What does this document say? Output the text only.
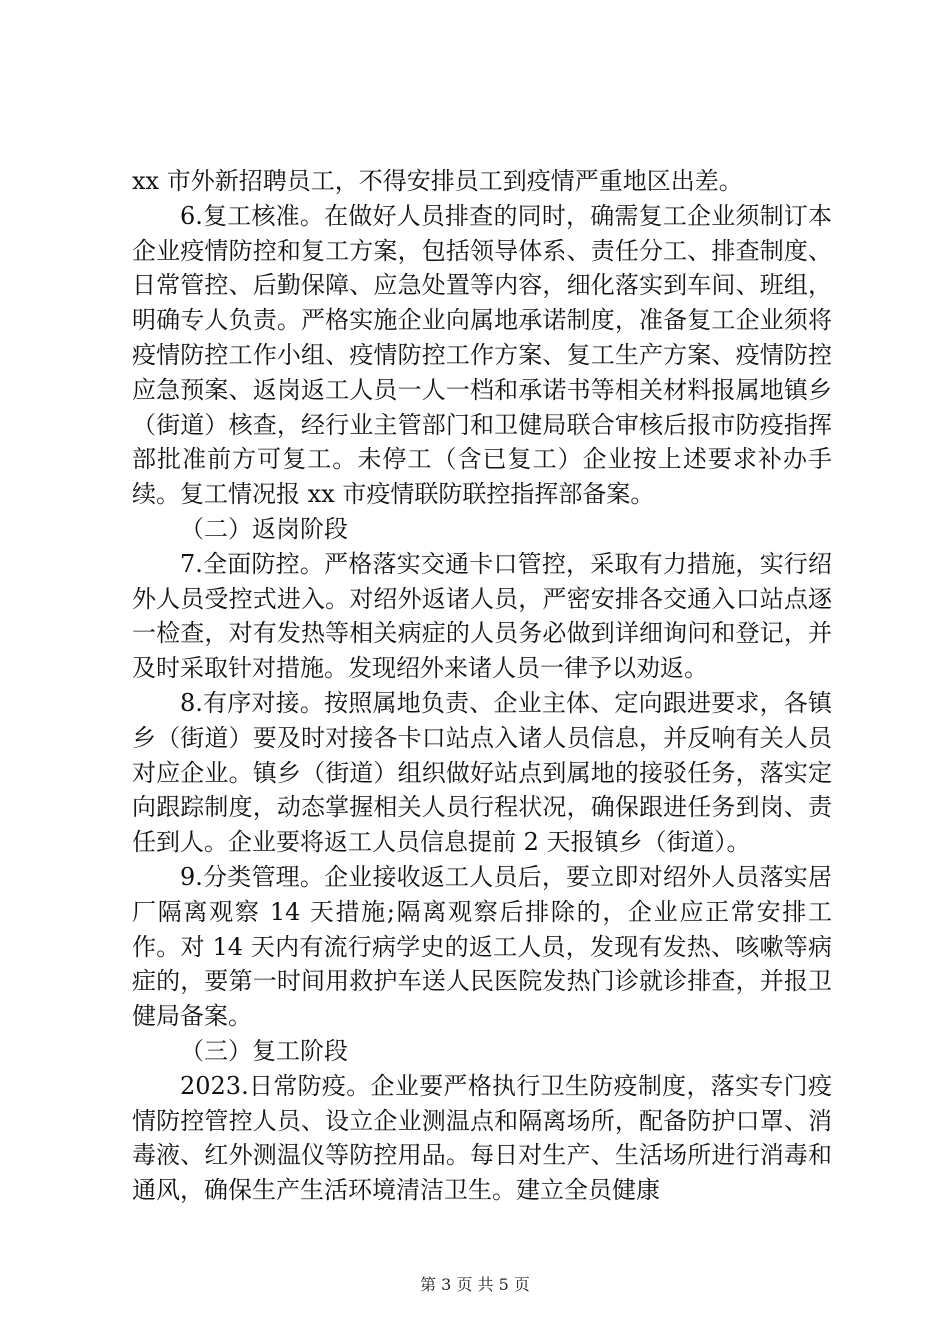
xx 市外新招聘员工，不得安排员工到疫情严重地区出差。

6.复工核准。在做好人员排查的同时，确需复工企业须制订本企业疫情防控和复工方案，包括领导体系、责任分工、排查制度、日常管控、后勤保障、应急处置等内容，细化落实到车间、班组，明确专人负责。严格实施企业向属地承诺制度，准备复工企业须将疫情防控工作小组、疫情防控工作方案、复工生产方案、疫情防控应急预案、返岗返工人员一人一档和承诺书等相关材料报属地镇乡（街道）核查，经行业主管部门和卫健局联合审核后报市防疫指挥部批准前方可复工。未停工（含已复工）企业按上述要求补办手续。复工情况报 xx 市疫情联防联控指挥部备案。

（二）返岗阶段

7.全面防控。严格落实交通卡口管控，采取有力措施，实行绍外人员受控式进入。对绍外返诸人员，严密安排各交通入口站点逐一检查，对有发热等相关病症的人员务必做到详细询问和登记，并及时采取针对措施。发现绍外来诸人员一律予以劝返。

8.有序对接。按照属地负责、企业主体、定向跟进要求，各镇乡（街道）要及时对接各卡口站点入诸人员信息，并反响有关人员对应企业。镇乡（街道）组织做好站点到属地的接驳任务，落实定向跟踪制度，动态掌握相关人员行程状况，确保跟进任务到岗、责任到人。企业要将返工人员信息提前 2 天报镇乡（街道）。

9.分类管理。企业接收返工人员后，要立即对绍外人员落实居厂隔离观察 14 天措施;隔离观察后排除的，企业应正常安排工作。对 14 天内有流行病学史的返工人员，发现有发热、咳嗽等病症的，要第一时间用救护车送人民医院发热门诊就诊排查，并报卫健局备案。

（三）复工阶段

2023.日常防疫。企业要严格执行卫生防疫制度，落实专门疫情防控管控人员、设立企业测温点和隔离场所，配备防护口罩、消毒液、红外测温仪等防控用品。每日对生产、生活场所进行消毒和通风，确保生产生活环境清洁卫生。建立全员健康

第 3 页 共 5 页
